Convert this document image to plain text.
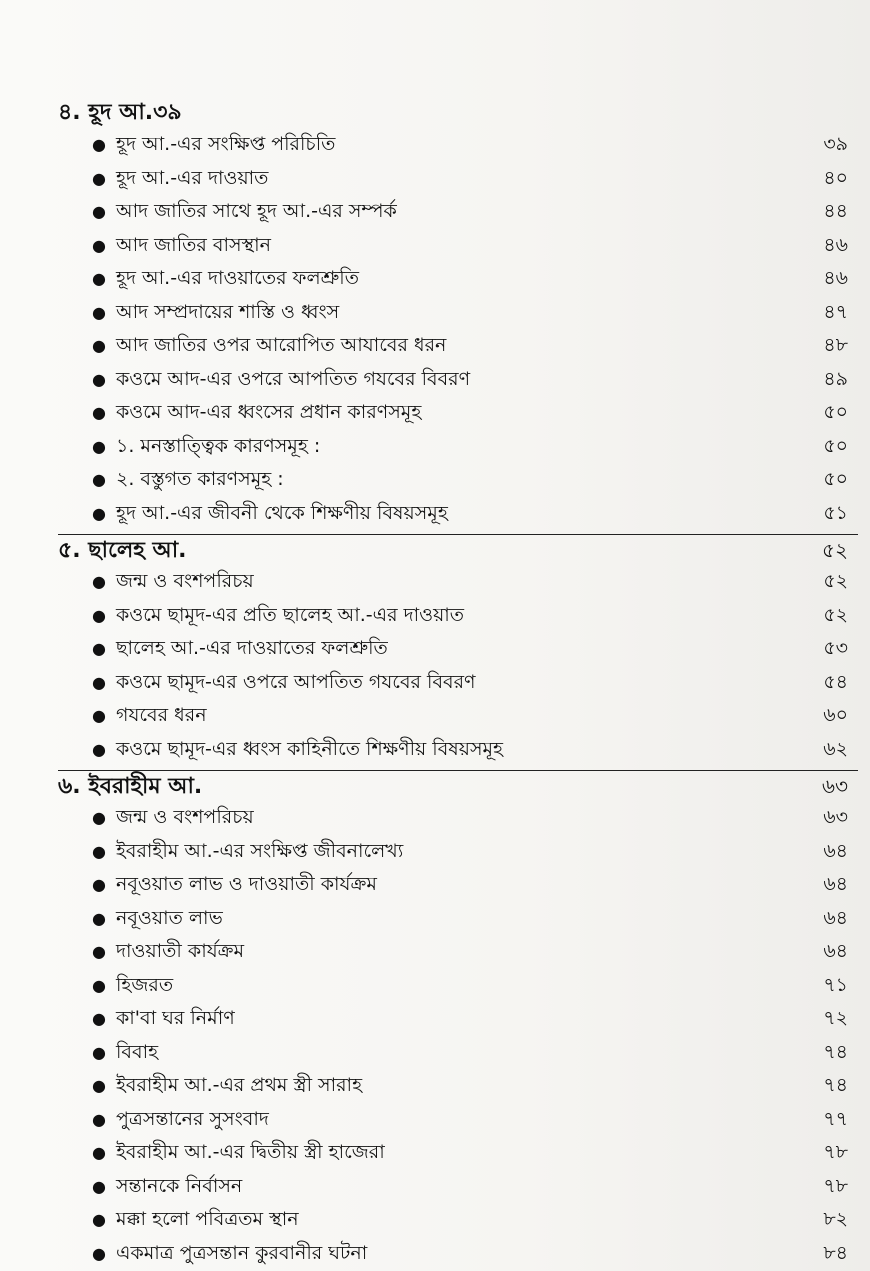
৪. হূদ আ.৩৯
● হূদ আ.-এর সংক্ষিপ্ত পরিচিতি	৩৯
● হূদ আ.-এর দাওয়াত	৪০
● আদ জাতির সাথে হূদ আ.-এর সম্পর্ক	৪৪
● আদ জাতির বাসস্থান	৪৬
● হূদ আ.-এর দাওয়াতের ফলশ্রুতি	৪৬
● আদ সম্প্রদায়ের শাস্তি ও ধ্বংস	৪৭
● আদ জাতির ওপর আরোপিত আযাবের ধরন	৪৮
● কওমে আদ-এর ওপরে আপতিত গযবের বিবরণ	৪৯
● কওমে আদ-এর ধ্বংসের প্রধান কারণসমূহ	৫০
● ১. মনস্তাত্ত্বিক কারণসমূহ :	৫০
● ২. বস্তুগত কারণসমূহ :	৫০
● হূদ আ.-এর জীবনী থেকে শিক্ষণীয় বিষয়সমূহ	৫১
৫. ছালেহ আ.	৫২
● জন্ম ও বংশপরিচয়	৫২
● কওমে ছামূদ-এর প্রতি ছালেহ আ.-এর দাওয়াত	৫২
● ছালেহ আ.-এর দাওয়াতের ফলশ্রুতি	৫৩
● কওমে ছামূদ-এর ওপরে আপতিত গযবের বিবরণ	৫৪
● গযবের ধরন	৬০
● কওমে ছামূদ-এর ধ্বংস কাহিনীতে শিক্ষণীয় বিষয়সমূহ	৬২
৬. ইবরাহীম আ.	৬৩
● জন্ম ও বংশপরিচয়	৬৩
● ইবরাহীম আ.-এর সংক্ষিপ্ত জীবনালেখ্য	৬৪
● নবূওয়াত লাভ ও দাওয়াতী কার্যক্রম	৬৪
● নবূওয়াত লাভ	৬৪
● দাওয়াতী কার্যক্রম	৬৪
● হিজরত	৭১
● কা'বা ঘর নির্মাণ	৭২
● বিবাহ	৭৪
● ইবরাহীম আ.-এর প্রথম স্ত্রী সারাহ	৭৪
● পুত্রসন্তানের সুসংবাদ	৭৭
● ইবরাহীম আ.-এর দ্বিতীয় স্ত্রী হাজেরা	৭৮
● সন্তানকে নির্বাসন	৭৮
● মক্কা হলো পবিত্রতম স্থান	৮২
● একমাত্র পুত্রসন্তান কুরবানীর ঘটনা	৮৪
